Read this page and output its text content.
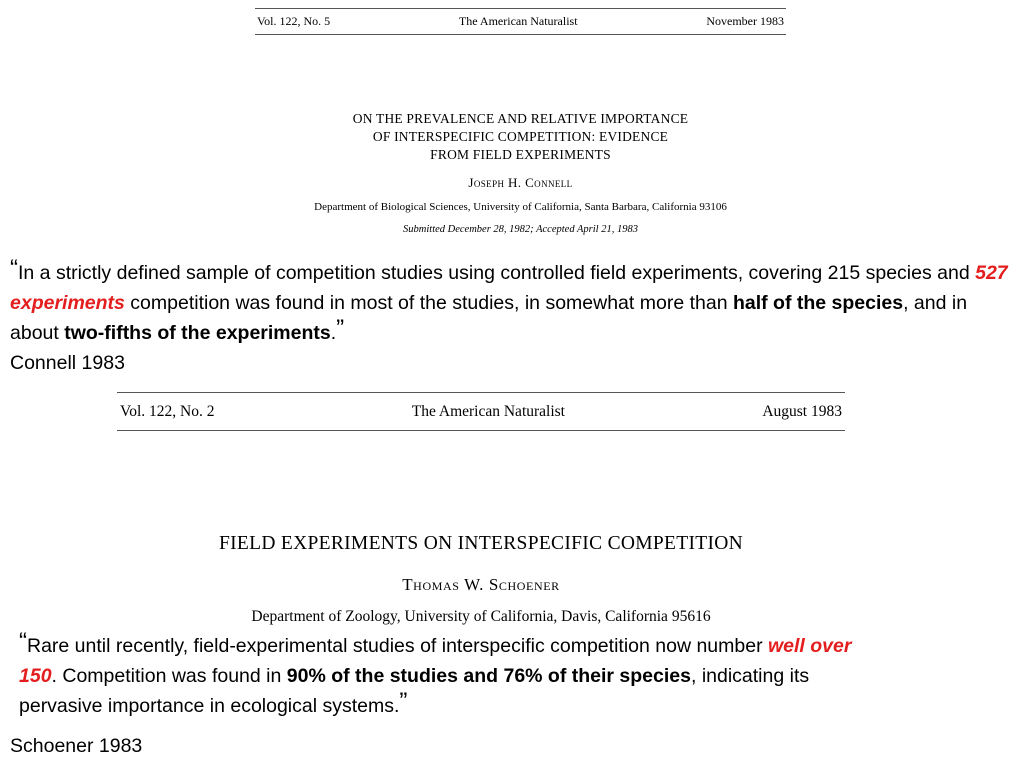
Vol. 122, No. 5	The American Naturalist	November 1983
ON THE PREVALENCE AND RELATIVE IMPORTANCE
OF INTERSPECIFIC COMPETITION: EVIDENCE
FROM FIELD EXPERIMENTS
Joseph H. Connell
Department of Biological Sciences, University of California, Santa Barbara, California 93106
Submitted December 28, 1982; Accepted April 21, 1983
“In a strictly defined sample of competition studies using controlled field experiments, covering 215 species and 527 experiments competition was found in most of the studies, in somewhat more than half of the species, and in about two-fifths of the experiments.”
Connell 1983
Vol. 122, No. 2	The American Naturalist	August 1983
FIELD EXPERIMENTS ON INTERSPECIFIC COMPETITION
Thomas W. Schoener
Department of Zoology, University of California, Davis, California 95616
“Rare until recently, field-experimental studies of interspecific competition now number well over 150. Competition was found in 90% of the studies and 76% of their species, indicating its pervasive importance in ecological systems.”
Schoener 1983
